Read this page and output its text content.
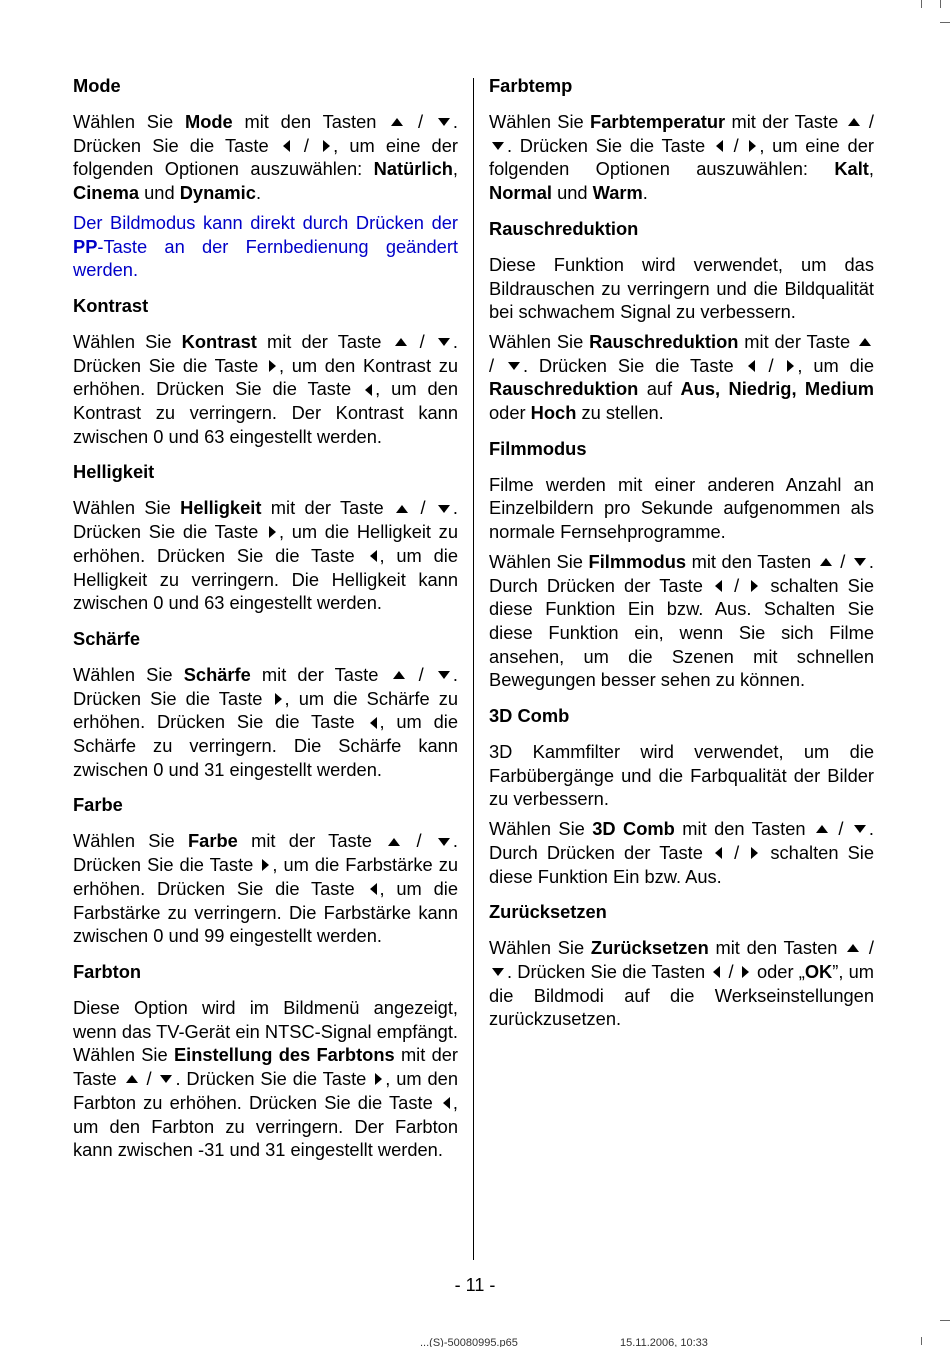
Mode

Wählen Sie Mode mit den Tasten  / . Drücken Sie die Taste  / , um eine der folgenden Optionen auszuwählen: Natürlich, Cinema und Dynamic.

Der Bildmodus kann direkt durch Drücken der PP-Taste an der Fernbedienung geändert werden.

Kontrast

Wählen Sie Kontrast mit der Taste  / . Drücken Sie die Taste , um den Kontrast zu erhöhen. Drücken Sie die Taste , um den Kontrast zu verringern. Der Kontrast kann zwischen 0 und 63 eingestellt werden.

Helligkeit

Wählen Sie Helligkeit mit der Taste  / . Drücken Sie die Taste , um die Helligkeit zu erhöhen. Drücken Sie die Taste , um die Helligkeit zu verringern. Die Helligkeit kann zwischen 0 und 63 eingestellt werden.

Schärfe

Wählen Sie Schärfe mit der Taste  / . Drücken Sie die Taste , um die Schärfe zu erhöhen. Drücken Sie die Taste , um die Schärfe zu verringern. Die Schärfe kann zwischen 0 und 31 eingestellt werden.

Farbe

Wählen Sie Farbe mit der Taste  / . Drücken Sie die Taste , um die Farbstärke zu erhöhen. Drücken Sie die Taste , um die Farbstärke zu verringern. Die Farbstärke kann zwischen 0 und 99 eingestellt werden.

Farbton

Diese Option wird im Bildmenü angezeigt, wenn das TV-Gerät ein NTSC-Signal empfängt. Wählen Sie Einstellung des Farbtons mit der Taste  / . Drücken Sie die Taste , um den Farbton zu erhöhen. Drücken Sie die Taste , um den Farbton zu verringern. Der Farbton kann zwischen -31 und 31 eingestellt werden.

Farbtemp

Wählen Sie Farbtemperatur mit der Taste  / . Drücken Sie die Taste  / , um eine der folgenden Optionen auszuwählen: Kalt, Normal und Warm.

Rauschreduktion

Diese Funktion wird verwendet, um das Bildrauschen zu verringern und die Bildqualität bei schwachem Signal zu verbessern.

Wählen Sie Rauschreduktion mit der Taste  / . Drücken Sie die Taste  / , um die Rauschreduktion auf Aus, Niedrig, Medium oder Hoch zu stellen.

Filmmodus

Filme werden mit einer anderen Anzahl an Einzelbildern pro Sekunde aufgenommen als normale Fernsehprogramme.

Wählen Sie Filmmodus mit den Tasten  / . Durch Drücken der Taste  /  schalten Sie diese Funktion Ein bzw. Aus. Schalten Sie diese Funktion ein, wenn Sie sich Filme ansehen, um die Szenen mit schnellen Bewegungen besser sehen zu können.

3D Comb

3D Kammfilter wird verwendet, um die Farbübergänge und die Farbqualität der Bilder zu verbessern.

Wählen Sie 3D Comb mit den Tasten  / . Durch Drücken der Taste  /  schalten Sie diese Funktion Ein bzw. Aus.

Zurücksetzen

Wählen Sie Zurücksetzen mit den Tasten  / . Drücken Sie die Tasten  /  oder „OK”, um die Bildmodi auf die Werkseinstellungen zurückzusetzen.

- 11 -
...(S)-50080995.p65	15.11.2006, 10:33
